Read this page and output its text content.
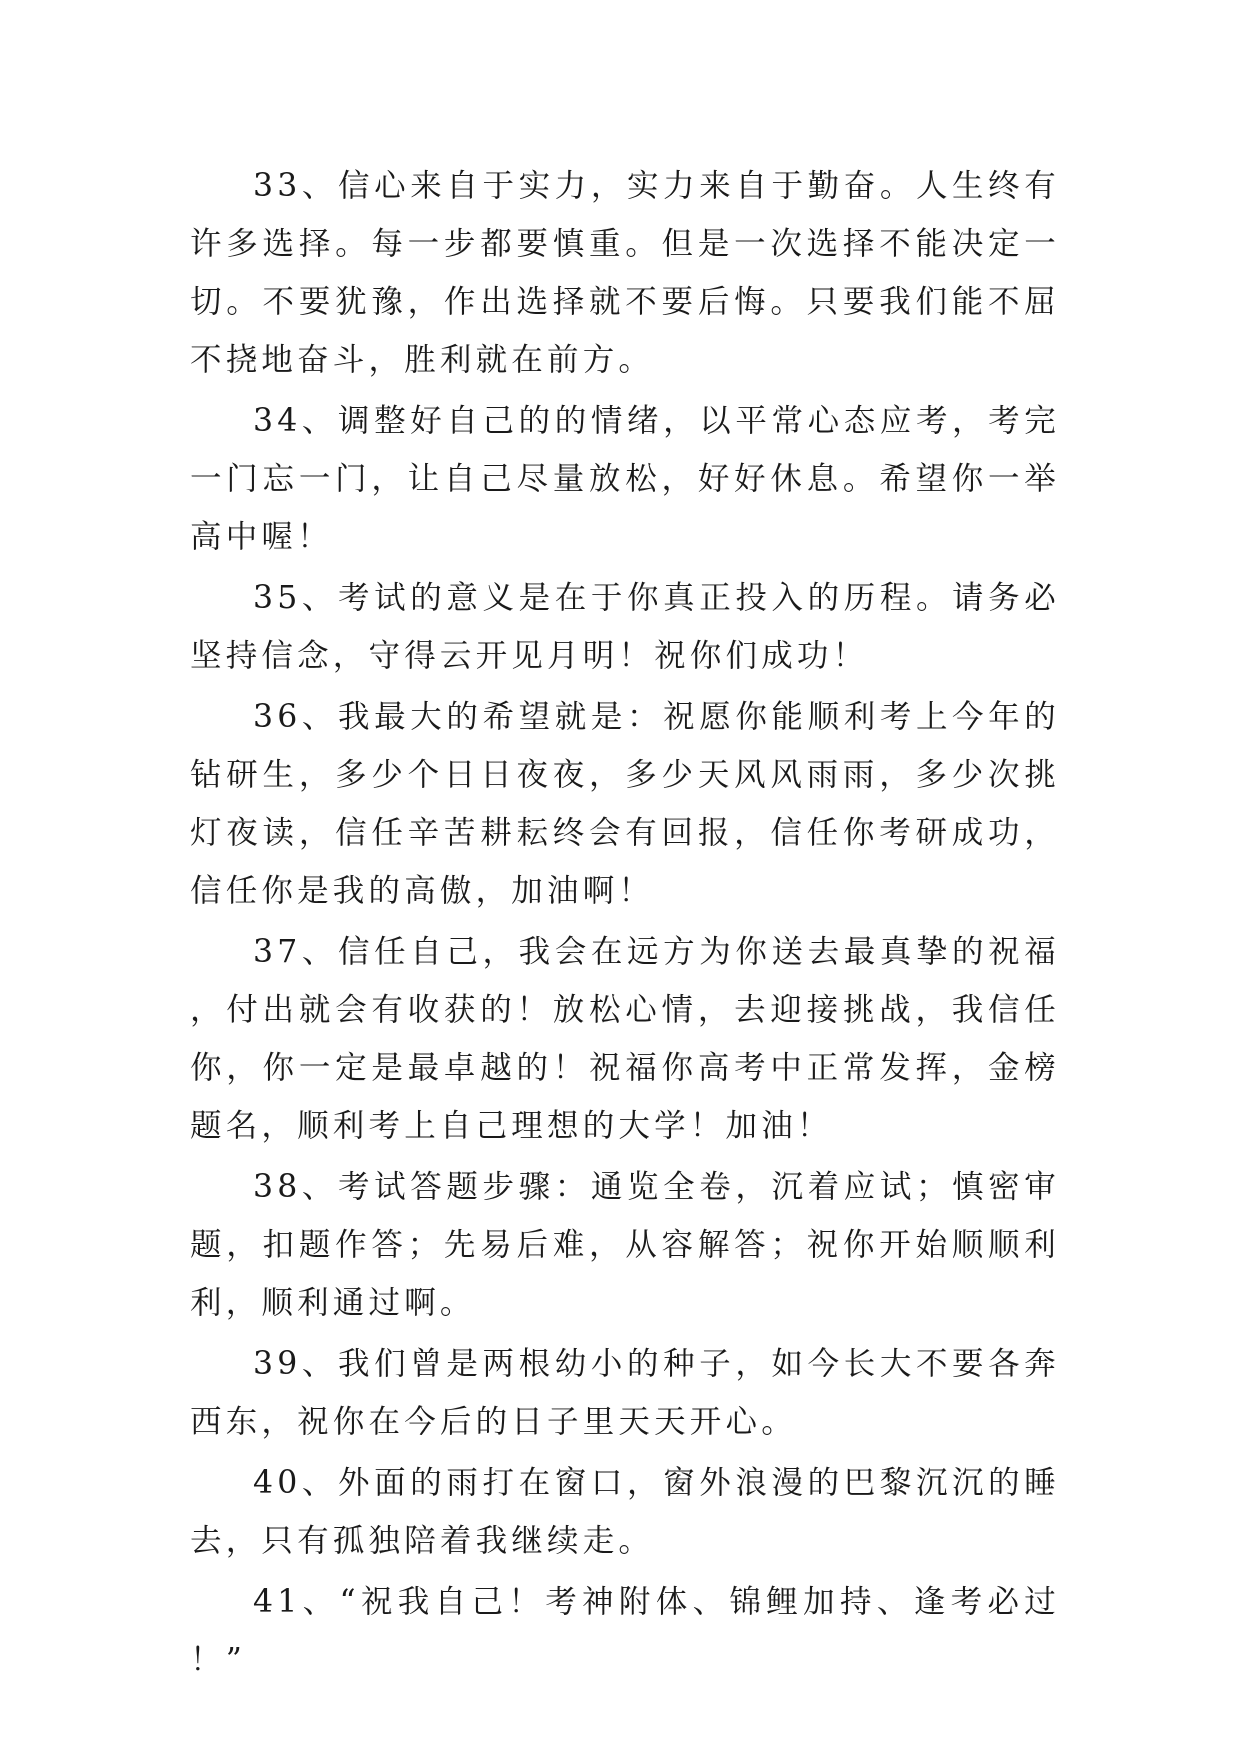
33、信心来自于实力，实力来自于勤奋。人生终有许多选择。每一步都要慎重。但是一次选择不能决定一切。不要犹豫，作出选择就不要后悔。只要我们能不屈不挠地奋斗，胜利就在前方。

34、调整好自己的的情绪，以平常心态应考，考完一门忘一门，让自己尽量放松，好好休息。希望你一举高中喔！

35、考试的意义是在于你真正投入的历程。请务必坚持信念，守得云开见月明！祝你们成功！

36、我最大的希望就是：祝愿你能顺利考上今年的钻研生，多少个日日夜夜，多少天风风雨雨，多少次挑灯夜读，信任辛苦耕耘终会有回报，信任你考研成功，信任你是我的高傲，加油啊！

37、信任自己，我会在远方为你送去最真挚的祝福，付出就会有收获的！放松心情，去迎接挑战，我信任你，你一定是最卓越的！祝福你高考中正常发挥，金榜题名，顺利考上自己理想的大学！加油！

38、考试答题步骤：通览全卷，沉着应试；慎密审题，扣题作答；先易后难，从容解答；祝你开始顺顺利利，顺利通过啊。

39、我们曾是两根幼小的种子，如今长大不要各奔西东，祝你在今后的日子里天天开心。

40、外面的雨打在窗口，窗外浪漫的巴黎沉沉的睡去，只有孤独陪着我继续走。

41、“祝我自己！考神附体、锦鲤加持、逢考必过！”
